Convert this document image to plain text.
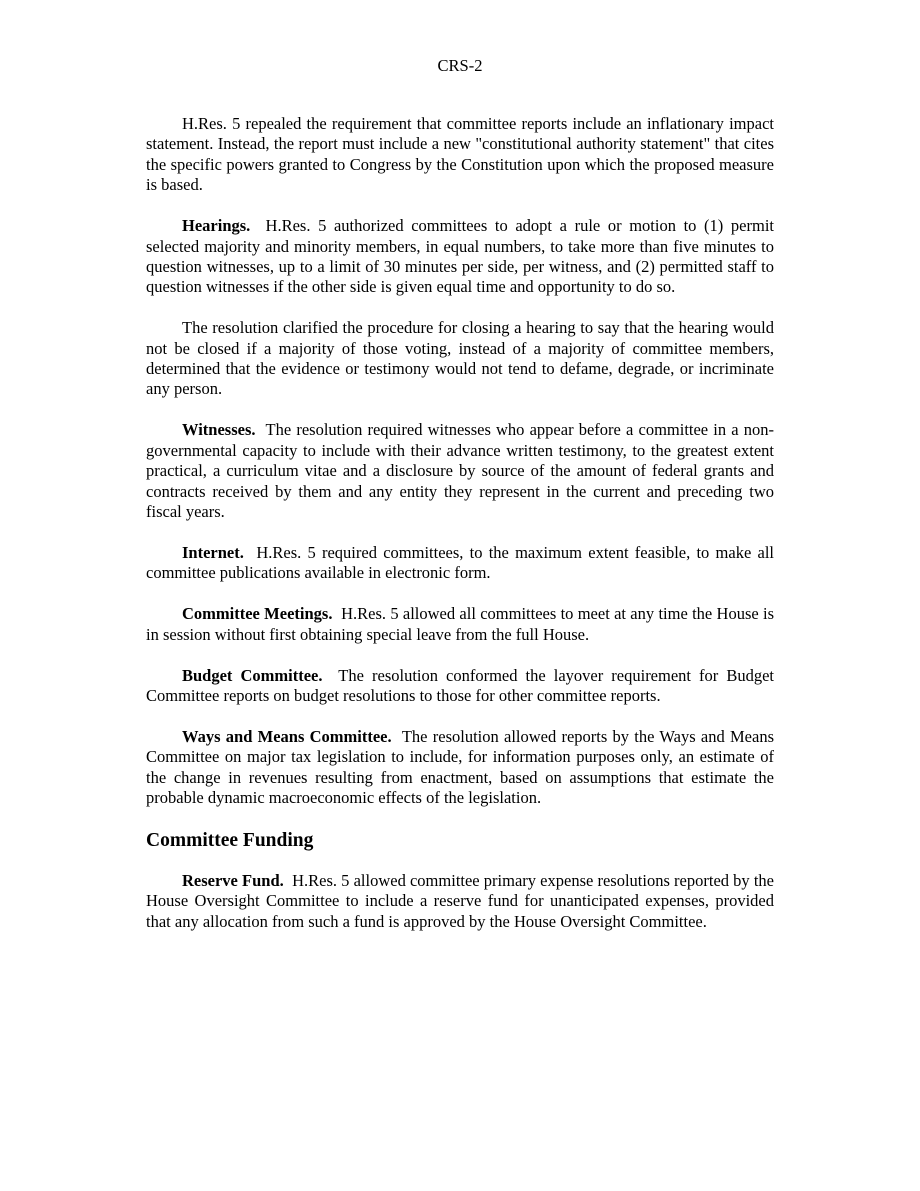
CRS-2

H.Res. 5 repealed the requirement that committee reports include an inflationary impact statement. Instead, the report must include a new "constitutional authority statement" that cites the specific powers granted to Congress by the Constitution upon which the proposed measure is based.

Hearings. H.Res. 5 authorized committees to adopt a rule or motion to (1) permit selected majority and minority members, in equal numbers, to take more than five minutes to question witnesses, up to a limit of 30 minutes per side, per witness, and (2) permitted staff to question witnesses if the other side is given equal time and opportunity to do so.

The resolution clarified the procedure for closing a hearing to say that the hearing would not be closed if a majority of those voting, instead of a majority of committee members, determined that the evidence or testimony would not tend to defame, degrade, or incriminate any person.

Witnesses. The resolution required witnesses who appear before a committee in a non-governmental capacity to include with their advance written testimony, to the greatest extent practical, a curriculum vitae and a disclosure by source of the amount of federal grants and contracts received by them and any entity they represent in the current and preceding two fiscal years.

Internet. H.Res. 5 required committees, to the maximum extent feasible, to make all committee publications available in electronic form.

Committee Meetings. H.Res. 5 allowed all committees to meet at any time the House is in session without first obtaining special leave from the full House.

Budget Committee. The resolution conformed the layover requirement for Budget Committee reports on budget resolutions to those for other committee reports.

Ways and Means Committee. The resolution allowed reports by the Ways and Means Committee on major tax legislation to include, for information purposes only, an estimate of the change in revenues resulting from enactment, based on assumptions that estimate the probable dynamic macroeconomic effects of the legislation.

Committee Funding

Reserve Fund. H.Res. 5 allowed committee primary expense resolutions reported by the House Oversight Committee to include a reserve fund for unanticipated expenses, provided that any allocation from such a fund is approved by the House Oversight Committee.
